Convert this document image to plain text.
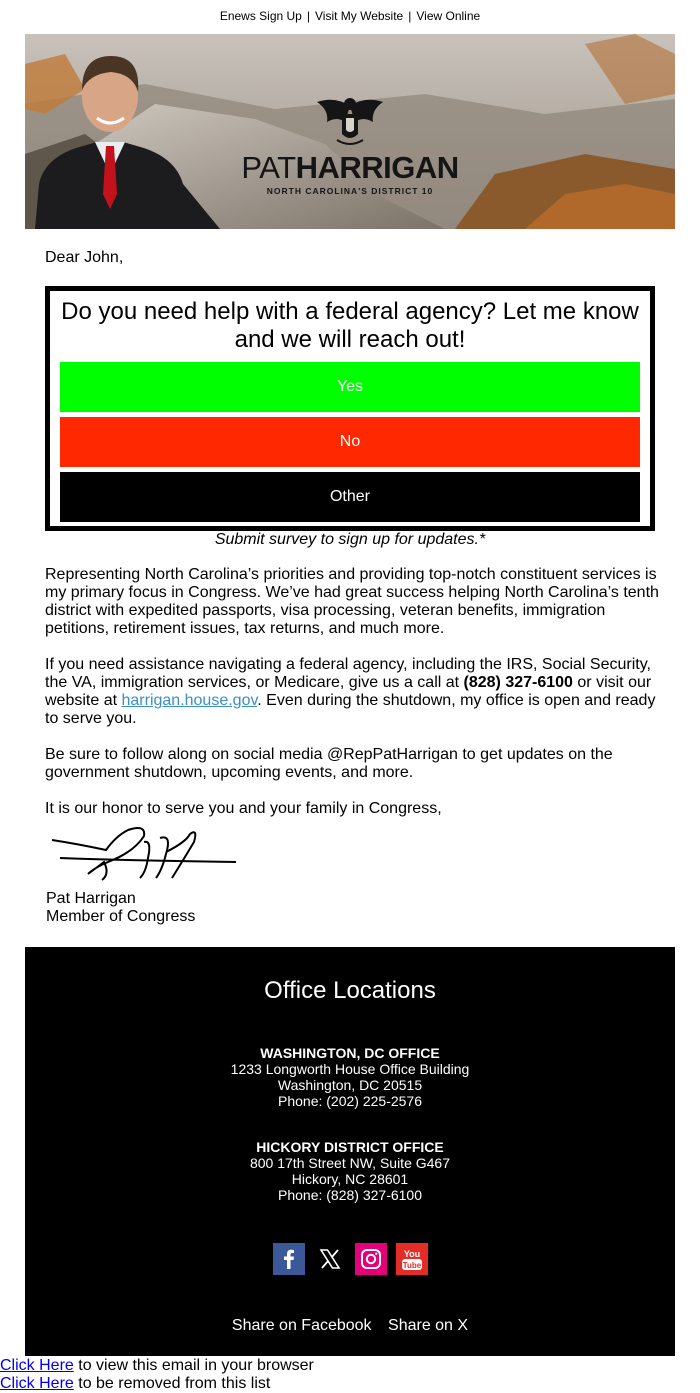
Enews Sign Up | Visit My Website | View Online
PATHARRIGAN
NORTH CAROLINA'S DISTRICT 10
Dear John,
Do you need help with a federal agency? Let me know and we will reach out!
Yes
No
Other
Submit survey to sign up for updates.*

Representing North Carolina’s priorities and providing top-notch constituent services is my primary focus in Congress. We’ve had great success helping North Carolina’s tenth district with expedited passports, visa processing, veteran benefits, immigration petitions, retirement issues, tax returns, and much more.

If you need assistance navigating a federal agency, including the IRS, Social Security, the VA, immigration services, or Medicare, give us a call at (828) 327-6100 or visit our website at harrigan.house.gov. Even during the shutdown, my office is open and ready to serve you.

Be sure to follow along on social media @RepPatHarrigan to get updates on the government shutdown, upcoming events, and more.

It is our honor to serve you and your family in Congress,

Pat Harrigan
Member of Congress
Office Locations
WASHINGTON, DC OFFICE
1233 Longworth House Office Building
Washington, DC 20515
Phone: (202) 225-2576
HICKORY DISTRICT OFFICE
800 17th Street NW, Suite G467
Hickory, NC 28601
Phone: (828) 327-6100
You
Tube
Share on Facebook Share on X
Click Here to view this email in your browser
Click Here to be removed from this list
